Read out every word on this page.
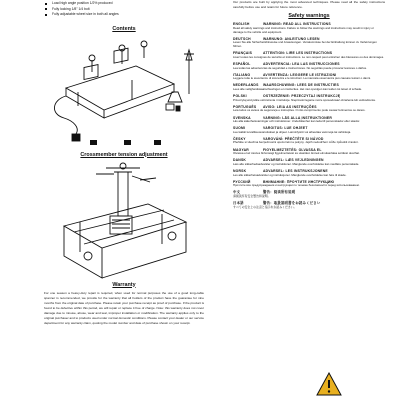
Load high angle position 1/2% produced
Fully locking 1/8" 1/4 bolt
Fully adjustable wheel size in both all angles
Contents
Crossmember tension adjustment
Warranty

For one season a heavy-duty repair is required, when used for normal purposes the use of a good long-cable spanner is recommended, we provide for the warranty that all holders of the product have the guarantee for nine months from the original date of purchase. Please retain your purchase receipt as proof of purchase. If the product is found to be defective within this period, we will repair or replace it free of charge. Note: this warranty does not cover damage due to misuse, abuse, wear and tear, improper installation or modification. The warranty applies only to the original purchaser and to products used under normal domestic conditions. Please contact your dealer or our service department for any warranty claim, quoting the model number and date of purchase shown on your receipt.

Our products are built by applying the most advanced techniques. Please read all the safety instructions carefully before use and retain for future reference.

Safety warnings
ENGLISH	WARNING: READ ALL INSTRUCTIONS

Read all safety warnings and instructions. Failure to follow the warnings and instructions may result in injury or damage to the vehicle and equipment.

DEUTSCH	WARNUNG: ANLEITUNG LESEN

Lesen Sie alle Sicherheitshinweise und Anweisungen. Versäumnisse bei der Einhaltung können zu Verletzungen führen.

FRANÇAIS	ATTENTION: LIRE LES INSTRUCTIONS

Lisez toutes les consignes de sécurité et instructions. Le non-respect peut entraîner des blessures ou des dommages.

ESPAÑOL	ADVERTENCIA: LEA LAS INSTRUCCIONES

Lea todas las advertencias de seguridad e instrucciones. No seguirlas puede provocar lesiones o daños.

ITALIANO	AVVERTENZA: LEGGERE LE ISTRUZIONI

Leggere tutte le avvertenze di sicurezza e le istruzioni. La mancata osservanza può causare lesioni o danni.

NEDERLANDS WAARSCHUWING: LEES DE INSTRUCTIES

Lees alle veiligheidswaarschuwingen en instructies. Het niet opvolgen kan leiden tot letsel of schade.

POLSKI	OSTRZEŻENIE: PRZECZYTAJ INSTRUKCJĘ

Przeczytaj wszystkie ostrzeżenia i instrukcje. Nieprzestrzeganie może spowodować obrażenia lub uszkodzenia.

PORTUGUÊS AVISO: LEIA AS INSTRUÇÕES

Leia todos os avisos de segurança e instruções. O não cumprimento pode causar ferimentos ou danos.

SVENSKA	VARNING: LÄS ALLA INSTRUKTIONER

Läs alla säkerhetsvarningar och instruktioner. Underlåtenhet kan leda till personskador eller skador.

SUOMI	VAROITUS: LUE OHJEET

Lue kaikki turvallisuusvaroitukset ja ohjeet. Laiminlyönti voi aiheuttaa vammoja tai vahinkoja.

ČESKY	VAROVÁNÍ: PŘEČTĚTE SI NÁVOD

Přečtěte si všechna bezpečnostní upozornění a pokyny. Jejich nedodržení může způsobit zranění.

MAGYAR	FIGYELMEZTETÉS: OLVASSA EL

Olvassa el az összes biztonsági figyelmeztetést és utasítást. Ennek elmulasztása sérülést okozhat.

DANSK	ADVARSEL: LÆS VEJLEDNINGEN

Læs alle sikkerhedsadvarsler og instruktioner. Manglende overholdelse kan medføre personskade.

NORSK	ADVARSEL: LES INSTRUKSJONENE

Les alle sikkerhetsadvarsler og instruksjoner. Manglende overholdelse kan føre til skade.

РУССКИЙ	ВНИМАНИЕ: ПРОЧТИТЕ ИНСТРУКЦИЮ

Прочтите все предупреждения и инструкции по технике безопасности перед использованием.

中文	警告：阅读所有说明

请阅读所有安全警告和说明。

日本語	警告：取扱説明書をお読みください

すべての安全上の注意と指示をお読みください。
